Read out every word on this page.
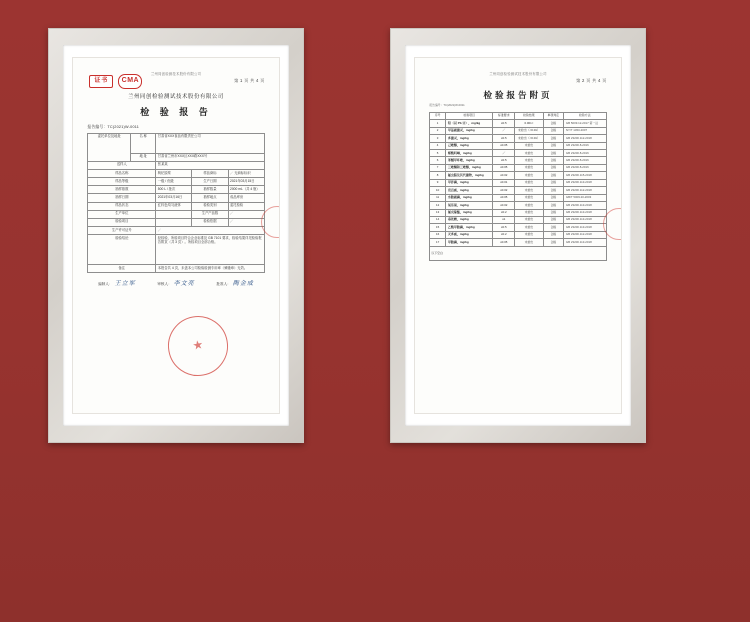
兰州同创检测技术股份有限公司
第 1 页 共 4 页
证书	CMA
兰州同创检验测试技术股份有限公司
检 验 报 告
报告编号：TC(2021)W-0011
委托单位及地址	名 称	甘肃省XXX食品有限责任公司		
	地 址	甘肃省兰州市XXX区XXX路XXX号		
送样人		张某某		
样品名称		枸杞原浆	样品商标	／ 无商标标识
样品等级		一级 / 优级	生产日期	2021年03月15日
抽样基数		500 L / 批次	抽样数量	2000 mL（共 4 瓶）
抽样日期		2021年03月16日	抽样地点	成品库房
样品状态		红棕色均匀液体	检验类别	委托检验
生产单位			生产产品数	／
检验项目			检验依据	／
生产许可证号		／		
检验结论		经检验，所检项目符合企业标准及 GB 7101 要求，检验结果详见检验报告附页（共 3 页）。所检项目全部合格。		
备注		本报告共 4 页，未盖本公司检验检测专用章（骑缝章）无效。		
编制人： 王立军	审核人： 李文亮	批准人： 陶金成
★
兰州同创检验测试技术股份有限公司
第 2 页 共 4 页
检验报告附页
报告编号：TC(2021)W-0011
序号	检验项目	标准要求	检验结果	单项判定	检验方法
1	铅（以 Pb 计），mg/kg	≤0.5	0.001 I	合格	GB 5009.12-2017 第一法
2	甲基硫菌灵，mg/kg	／	未检出（<0.01）	合格	NY/T 1453-2007
3	多菌灵，mg/kg	≤0.5	未检出（<0.01）	合格	GB 23200.112-2018
4	己唑醇，mg/kg	≤0.05	未检出	合格	GB 23200.8-2016
5	烯酰吗啉，mg/kg	／	未检出	合格	GB 23200.8-2016
6	苯醚甲环唑，mg/kg	≤0.5	未检出	合格	GB 23200.8-2016
7	三唑酮和三唑醇，mg/kg	≤0.05	未检出	合格	GB 23200.8-2016
8	氟虫腈及其代谢物，mg/kg	≤0.02	未检出	合格	GB 23200.115-2018
9	甲拌磷，mg/kg	≤0.01	未检出	合格	GB 23200.113-2018
10	克百威，mg/kg	≤0.02	未检出	合格	GB 23200.112-2018
11	水胺硫磷，mg/kg	≤0.05	未检出	合格	GB/T 5009.20-2003
12	氧乐果，mg/kg	≤0.02	未检出	合格	GB 23200.113-2018
13	氰戊菊酯，mg/kg	≤0.2	未检出	合格	GB 23200.113-2018
14	毒死蜱，mg/kg	≤1	未检出	合格	GB 23200.113-2018
15	乙酰甲胺磷，mg/kg	≤0.5	未检出	合格	GB 23200.113-2018
16	灭多威，mg/kg	≤0.2	未检出	合格	GB 23200.112-2018
17	甲胺磷，mg/kg	≤0.05	未检出	合格	GB 23200.113-2018
以下空白					
